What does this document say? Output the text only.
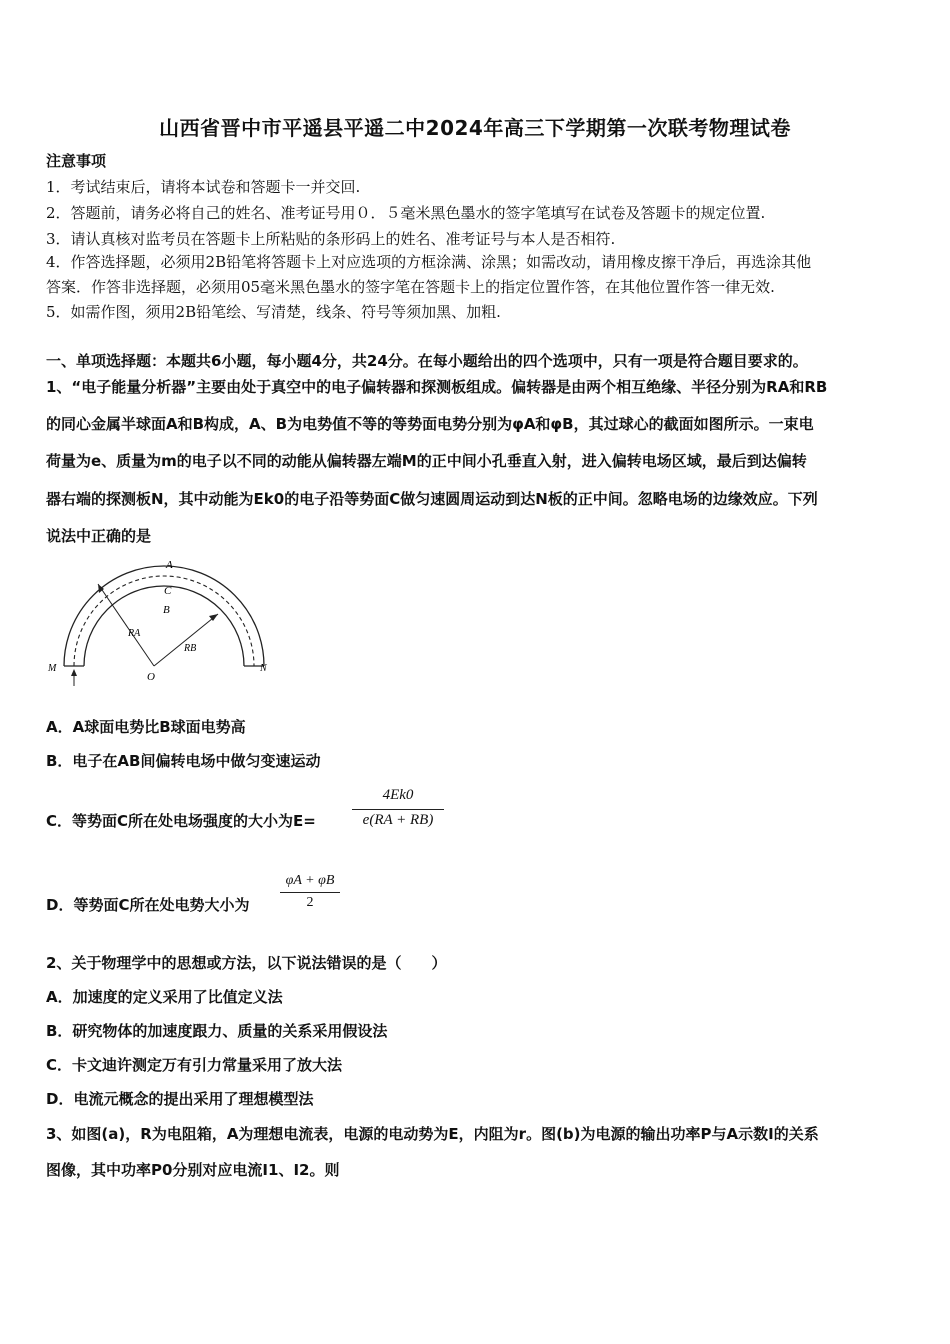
山西省晋中市平遥县平遥二中2024年高三下学期第一次联考物理试卷
注意事项
1．考试结束后，请将本试卷和答题卡一并交回.
2．答题前，请务必将自己的姓名、准考证号用０．５毫米黑色墨水的签字笔填写在试卷及答题卡的规定位置.
3．请认真核对监考员在答题卡上所粘贴的条形码上的姓名、准考证号与本人是否相符.
4．作答选择题，必须用2B铅笔将答题卡上对应选项的方框涂满、涂黑；如需改动，请用橡皮擦干净后，再选涂其他
答案．作答非选择题，必须用05毫米黑色墨水的签字笔在答题卡上的指定位置作答，在其他位置作答一律无效.
5．如需作图，须用2B铅笔绘、写清楚，线条、符号等须加黑、加粗.
一、单项选择题：本题共6小题，每小题4分，共24分。在每小题给出的四个选项中，只有一项是符合题目要求的。
1、“电子能量分析器”主要由处于真空中的电子偏转器和探测板组成。偏转器是由两个相互绝缘、半径分别为RA和RB
的同心金属半球面A和B构成，A、B为电势值不等的等势面电势分别为φA和φB，其过球心的截面如图所示。一束电
荷量为e、质量为m的电子以不同的动能从偏转器左端M的正中间小孔垂直入射，进入偏转电场区域，最后到达偏转
器右端的探测板N，其中动能为Ek0的电子沿等势面C做匀速圆周运动到达N板的正中间。忽略电场的边缘效应。下列
说法中正确的是
A
C
B
RA
RB
O
M	N
A．A球面电势比B球面电势高
B．电子在AB间偏转电场中做匀变速运动
C．等势面C所在处电场强度的大小为E=
4Ek0
e(RA + RB)
D．等势面C所在处电势大小为
φA + φB
2
2、关于物理学中的思想或方法，以下说法错误的是（　　）
A．加速度的定义采用了比值定义法
B．研究物体的加速度跟力、质量的关系采用假设法
C．卡文迪许测定万有引力常量采用了放大法
D．电流元概念的提出采用了理想模型法
3、如图(a)，R为电阻箱，A为理想电流表，电源的电动势为E，内阻为r。图(b)为电源的输出功率P与A示数I的关系
图像，其中功率P0分别对应电流I1、I2。则
